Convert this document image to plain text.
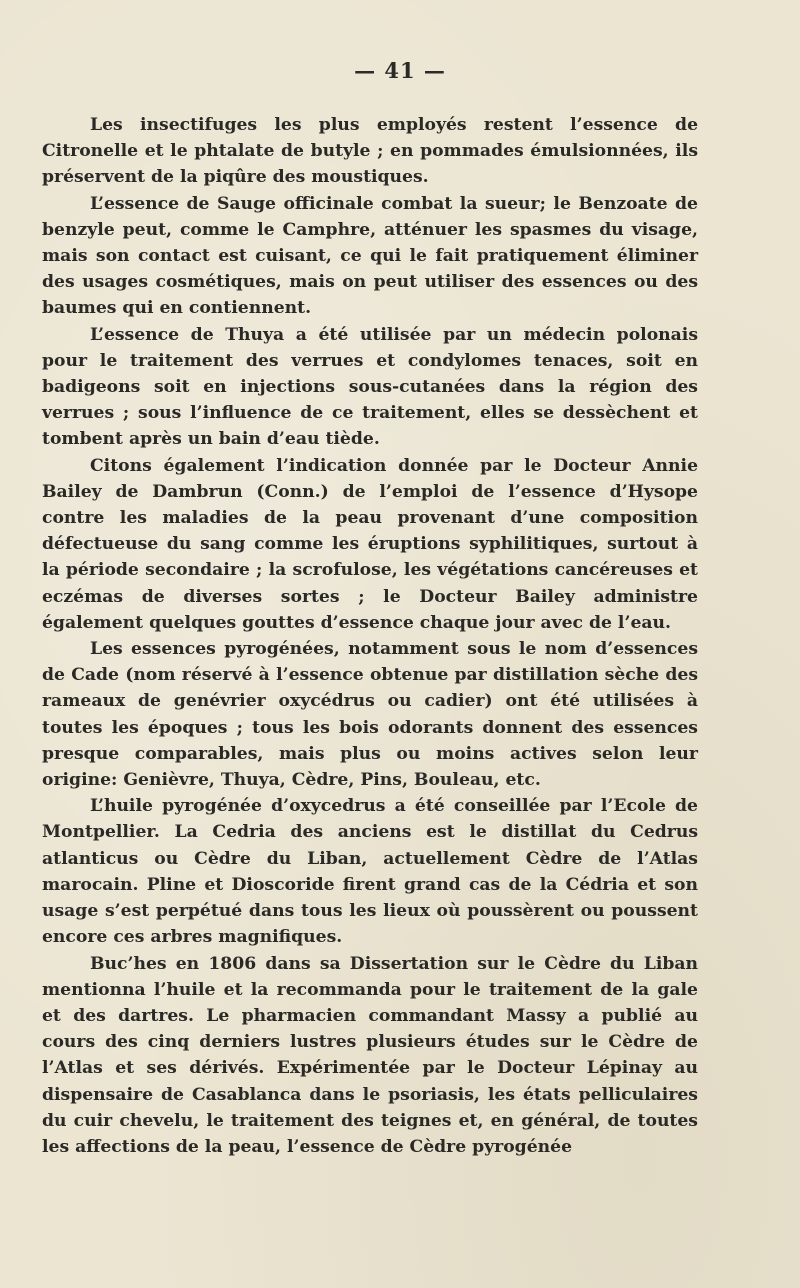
— 41 —

Les insectifuges les plus employés restent l’essence de Citronelle et le phtalate de butyle ; en pommades émulsionnées, ils préservent de la piqûre des moustiques.

L’essence de Sauge officinale combat la sueur; le Benzoate de benzyle peut, comme le Camphre, atténuer les spasmes du visage, mais son contact est cuisant, ce qui le fait pratiquement éliminer des usages cosmétiques, mais on peut utiliser des essences ou des baumes qui en contiennent.

L’essence de Thuya a été utilisée par un médecin polonais pour le traitement des verrues et condylomes tenaces, soit en badigeons soit en injections sous-cutanées dans la région des verrues ; sous l’influence de ce traitement, elles se dessèchent et tombent après un bain d’eau tiède.

Citons également l’indication donnée par le Docteur Annie Bailey de Dambrun (Conn.) de l’emploi de l’essence d’Hysope contre les maladies de la peau provenant d’une composition défectueuse du sang comme les éruptions syphilitiques, surtout à la période secondaire ; la scrofulose, les végétations cancéreuses et eczémas de diverses sortes ; le Docteur Bailey administre également quelques gouttes d’essence chaque jour avec de l’eau.

Les essences pyrogénées, notamment sous le nom d’essences de Cade (nom réservé à l’essence obtenue par distillation sèche des rameaux de genévrier oxycédrus ou cadier) ont été utilisées à toutes les époques ; tous les bois odorants donnent des essences presque comparables, mais plus ou moins actives selon leur origine: Genièvre, Thuya, Cèdre, Pins, Bouleau, etc.

L’huile pyrogénée d’oxycedrus a été conseillée par l’Ecole de Montpellier. La Cedria des anciens est le distillat du Cedrus atlanticus ou Cèdre du Liban, actuellement Cèdre de l’Atlas marocain. Pline et Dioscoride firent grand cas de la Cédria et son usage s’est perpétué dans tous les lieux où poussèrent ou poussent encore ces arbres magnifiques.

Buc’hes en 1806 dans sa Dissertation sur le Cèdre du Liban mentionna l’huile et la recommanda pour le traitement de la gale et des dartres. Le pharmacien commandant Massy a publié au cours des cinq derniers lustres plusieurs études sur le Cèdre de l’Atlas et ses dérivés. Expérimentée par le Docteur Lépinay au dispensaire de Casablanca dans le psoriasis, les états pelliculaires du cuir chevelu, le traitement des teignes et, en général, de toutes les affections de la peau, l’essence de Cèdre pyrogénée
